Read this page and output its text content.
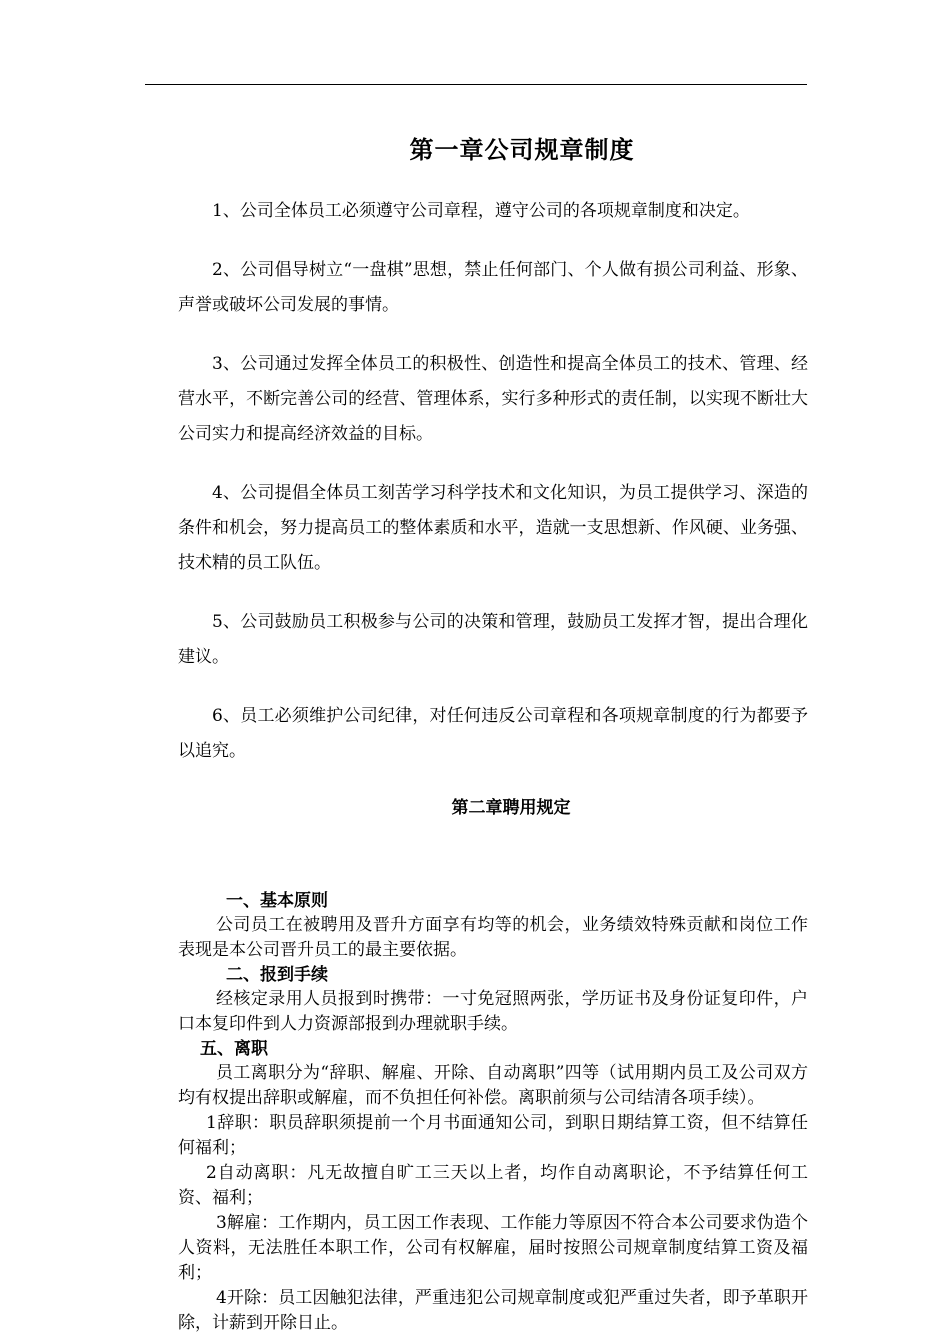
第一章公司规章制度

1、公司全体员工必须遵守公司章程，遵守公司的各项规章制度和决定。

2、公司倡导树立“一盘棋”思想，禁止任何部门、个人做有损公司利益、形象、声誉或破坏公司发展的事情。

3、公司通过发挥全体员工的积极性、创造性和提高全体员工的技术、管理、经营水平，不断完善公司的经营、管理体系，实行多种形式的责任制，以实现不断壮大公司实力和提高经济效益的目标。

4、公司提倡全体员工刻苦学习科学技术和文化知识，为员工提供学习、深造的条件和机会，努力提高员工的整体素质和水平，造就一支思想新、作风硬、业务强、技术精的员工队伍。

5、公司鼓励员工积极参与公司的决策和管理，鼓励员工发挥才智，提出合理化建议。

6、员工必须维护公司纪律，对任何违反公司章程和各项规章制度的行为都要予以追究。

第二章聘用规定
一、基本原则

公司员工在被聘用及晋升方面享有均等的机会，业务绩效特殊贡献和岗位工作表现是本公司晋升员工的最主要依据。

二、报到手续

经核定录用人员报到时携带：一寸免冠照两张，学历证书及身份证复印件，户口本复印件到人力资源部报到办理就职手续。

五、离职

员工离职分为“辞职、解雇、开除、自动离职”四等（试用期内员工及公司双方均有权提出辞职或解雇，而不负担任何补偿。离职前须与公司结清各项手续）。

1辞职：职员辞职须提前一个月书面通知公司，到职日期结算工资，但不结算任何福利；

2自动离职：凡无故擅自旷工三天以上者，均作自动离职论，不予结算任何工资、福利；

3解雇：工作期内，员工因工作表现、工作能力等原因不符合本公司要求伪造个人资料，无法胜任本职工作，公司有权解雇，届时按照公司规章制度结算工资及福利；

4开除：员工因触犯法律，严重违犯公司规章制度或犯严重过失者，即予革职开除，计薪到开除日止。
